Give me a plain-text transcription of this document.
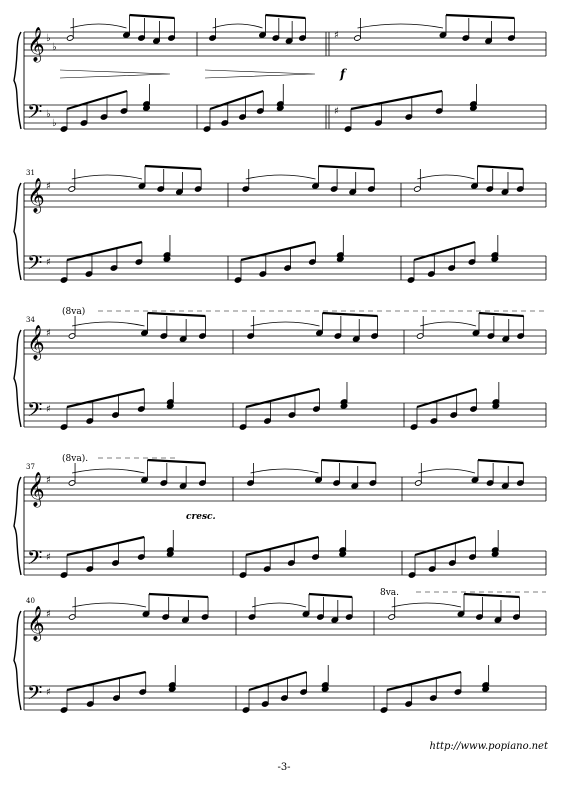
𝄞
𝄢
♭
♭
♭
♭
♯
♯
f
𝄞
𝄢
♯
♯
31
𝄞
𝄢
♯
♯
34
(8va)
𝄞
𝄢
♯
♯
37
cresc.
(8va).
𝄞
𝄢
♯
♯
40
8va.
http://www.popiano.net
-3-
